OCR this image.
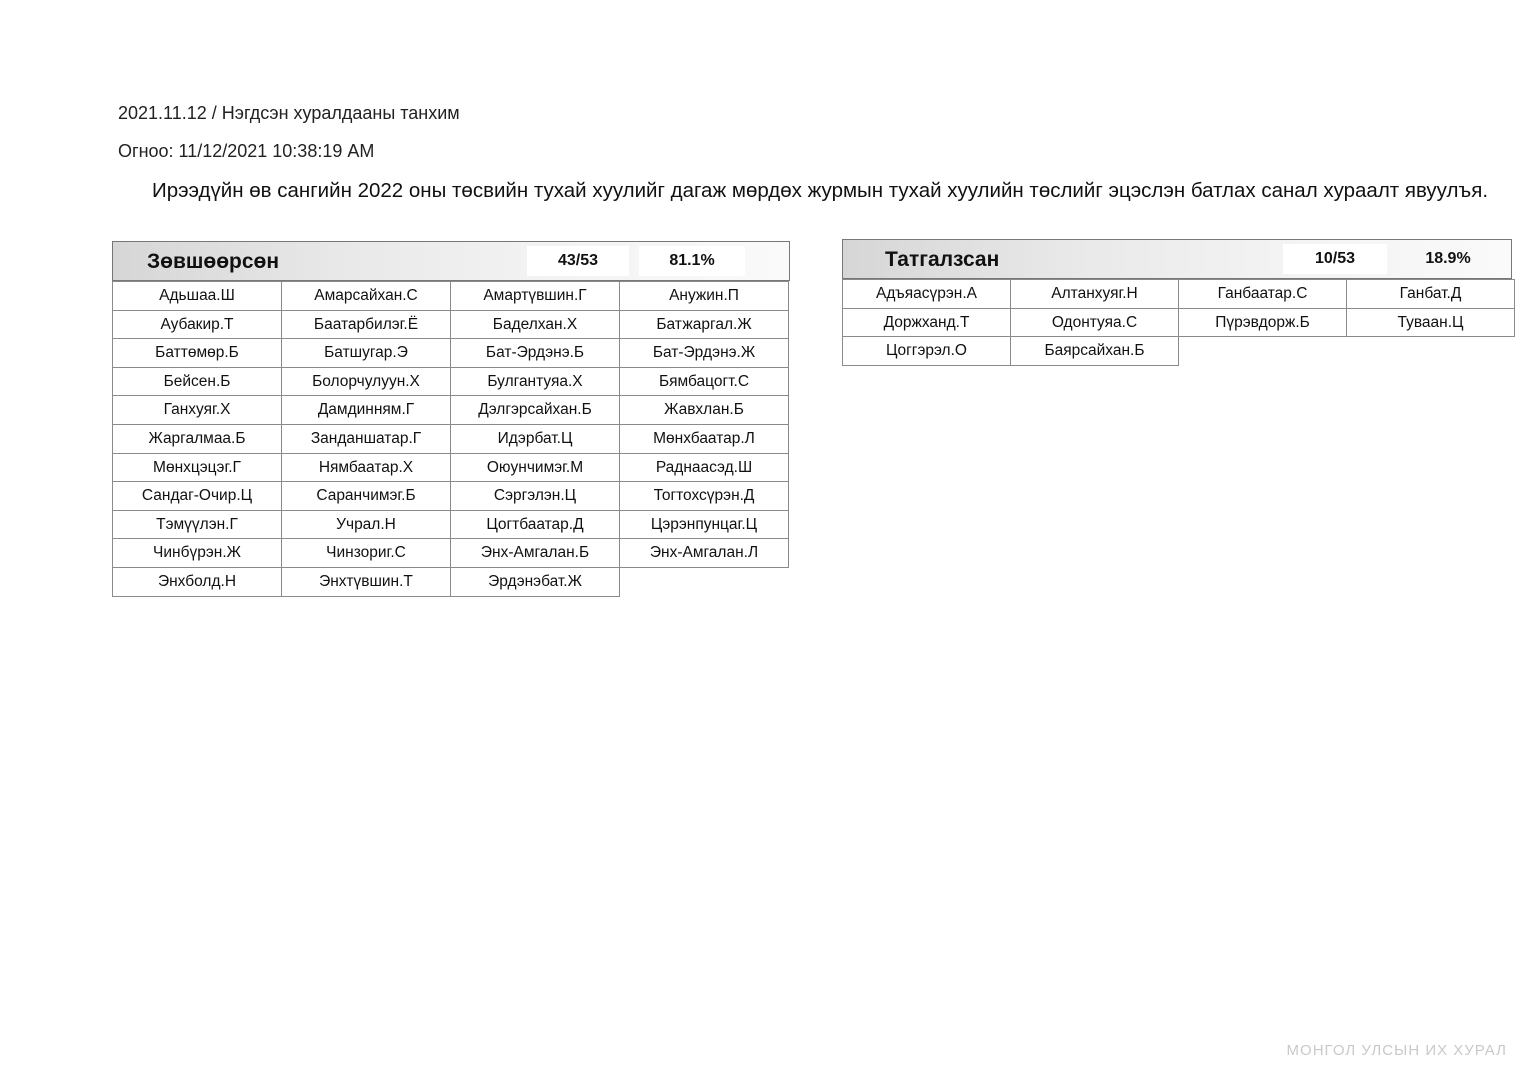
2021.11.12 / Нэгдсэн хуралдааны танхим
Огноо: 11/12/2021 10:38:19 AM
Ирээдүйн өв сангийн 2022 оны төсвийн тухай хуулийг дагаж мөрдөх журмын тухай хуулийн төслийг эцэслэн батлах санал хураалт явуулъя.
Зөвшөөрсөн	43/53	81.1%
Адьшаа.Ш	Амарсайхан.С	Амартүвшин.Г	Анужин.П
Аубакир.Т	Баатарбилэг.Ё	Баделхан.Х	Батжаргал.Ж
Баттөмөр.Б	Батшугар.Э	Бат-Эрдэнэ.Б	Бат-Эрдэнэ.Ж
Бейсен.Б	Болорчулуун.Х	Булгантуяа.Х	Бямбацогт.С
Ганхуяг.Х	Дамдинням.Г	Дэлгэрсайхан.Б	Жавхлан.Б
Жаргалмаа.Б	Занданшатар.Г	Идэрбат.Ц	Мөнхбаатар.Л
Мөнхцэцэг.Г	Нямбаатар.Х	Оюунчимэг.М	Раднаасэд.Ш
Сандаг-Очир.Ц	Саранчимэг.Б	Сэргэлэн.Ц	Тогтохсүрэн.Д
Тэмүүлэн.Г	Учрал.Н	Цогтбаатар.Д	Цэрэнпунцаг.Ц
Чинбүрэн.Ж	Чинзориг.С	Энх-Амгалан.Б	Энх-Амгалан.Л
Энхболд.Н	Энхтүвшин.Т	Эрдэнэбат.Ж
Татгалзсан	10/53	18.9%
Адъяасүрэн.А	Алтанхуяг.Н	Ганбаатар.С	Ганбат.Д
Доржханд.Т	Одонтуяа.С	Пүрэвдорж.Б	Туваан.Ц
Цоггэрэл.О	Баярсайхан.Б
МОНГОЛ УЛСЫН ИХ ХУРАЛ
